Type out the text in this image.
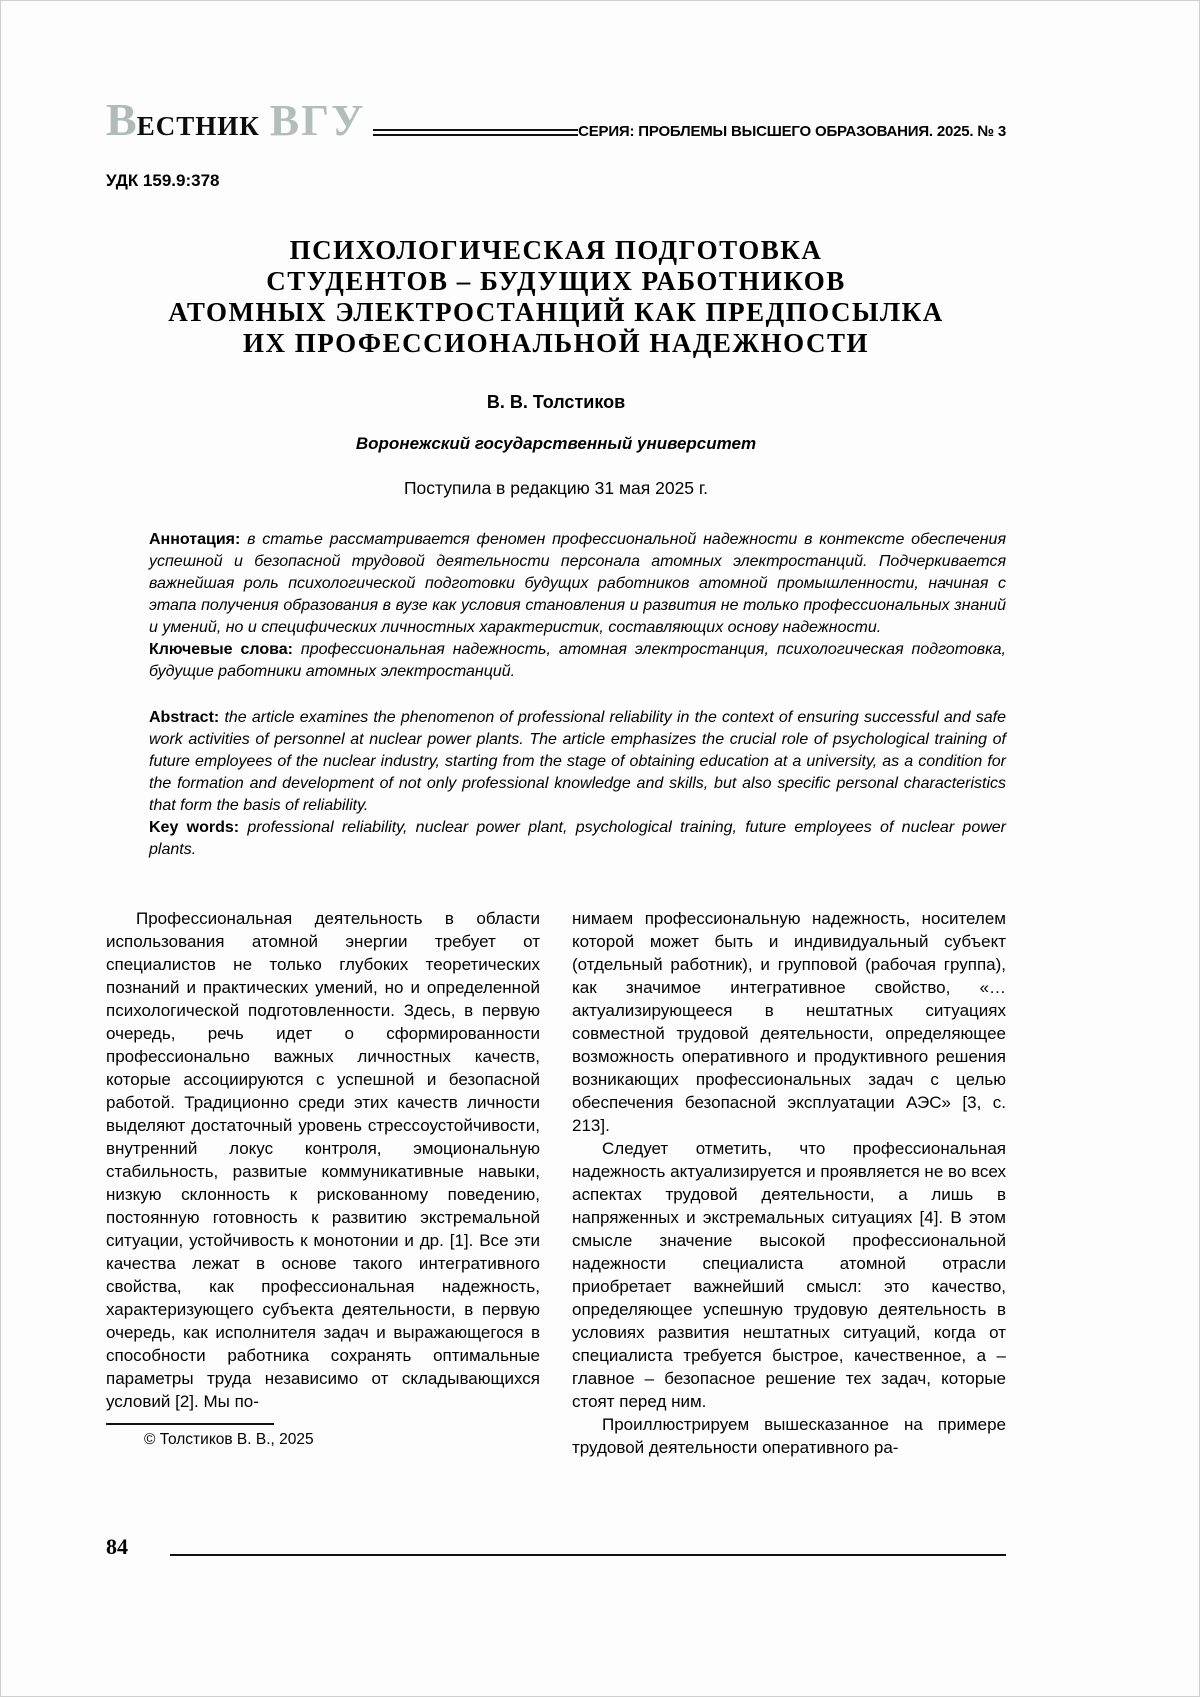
ВЕСТНИК ВГУ	СЕРИЯ: ПРОБЛЕМЫ ВЫСШЕГО ОБРАЗОВАНИЯ. 2025. № 3
УДК 159.9:378
ПСИХОЛОГИЧЕСКАЯ ПОДГОТОВКА
СТУДЕНТОВ – БУДУЩИХ РАБОТНИКОВ
АТОМНЫХ ЭЛЕКТРОСТАНЦИЙ КАК ПРЕДПОСЫЛКА
ИХ ПРОФЕССИОНАЛЬНОЙ НАДЕЖНОСТИ
В. В. Толстиков
Воронежский государственный университет
Поступила в редакцию 31 мая 2025 г.

Аннотация: в статье рассматривается феномен профессиональной надежности в контексте обеспечения успешной и безопасной трудовой деятельности персонала атомных электростанций. Подчеркивается важнейшая роль психологической подготовки будущих работников атомной промышленности, начиная с этапа получения образования в вузе как условия становления и развития не только профессиональных знаний и умений, но и специфических личностных характеристик, составляющих основу надежности.

Ключевые слова: профессиональная надежность, атомная электростанция, психологическая подготовка, будущие работники атомных электростанций.

Abstract: the article examines the phenomenon of professional reliability in the context of ensuring successful and safe work activities of personnel at nuclear power plants. The article emphasizes the crucial role of psychological training of future employees of the nuclear industry, starting from the stage of obtaining education at a university, as a condition for the formation and development of not only professional knowledge and skills, but also specific personal characteristics that form the basis of reliability.

Key words: professional reliability, nuclear power plant, psychological training, future employees of nuclear power plants.

Профессиональная деятельность в области использования атомной энергии требует от специалистов не только глубоких теоретических познаний и практических умений, но и определенной психологической подготовленности. Здесь, в первую очередь, речь идет о сформированности профессионально важных личностных качеств, которые ассоциируются с успешной и безопасной работой. Традиционно среди этих качеств личности выделяют достаточный уровень стрессоустойчивости, внутренний локус контроля, эмоциональную стабильность, развитые коммуникативные навыки, низкую склонность к рискованному поведению, постоянную готовность к развитию экстремальной ситуации, устойчивость к монотонии и др. [1]. Все эти качества лежат в основе такого интегративного свойства, как профессиональная надежность, характеризующего субъекта деятельности, в первую очередь, как исполнителя задач и выражающегося в способности работника сохранять оптимальные параметры труда независимо от складывающихся условий [2]. Мы по-

© Толстиков В. В., 2025

нимаем профессиональную надежность, носителем которой может быть и индивидуальный субъект (отдельный работник), и групповой (рабочая группа), как значимое интегративное свойство, «…актуализирующееся в нештатных ситуациях совместной трудовой деятельности, определяющее возможность оперативного и продуктивного решения возникающих профессиональных задач с целью обеспечения безопасной эксплуатации АЭС» [3, с. 213].

Следует отметить, что профессиональная надежность актуализируется и проявляется не во всех аспектах трудовой деятельности, а лишь в напряженных и экстремальных ситуациях [4]. В этом смысле значение высокой профессиональной надежности специалиста атомной отрасли приобретает важнейший смысл: это качество, определяющее успешную трудовую деятельность в условиях развития нештатных ситуаций, когда от специалиста требуется быстрое, качественное, а – главное – безопасное решение тех задач, которые стоят перед ним.

Проиллюстрируем вышесказанное на примере трудовой деятельности оперативного ра-

84
